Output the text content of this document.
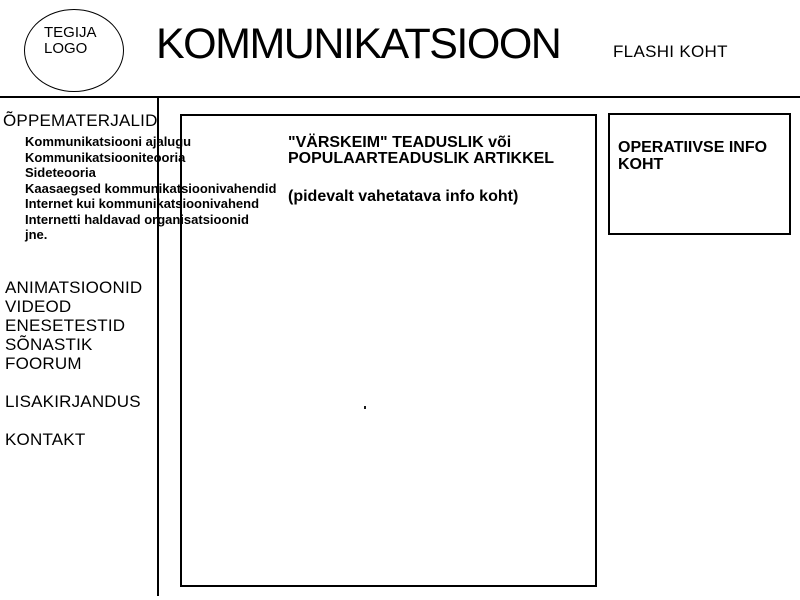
TEGIJA
LOGO KOMMUNIKATSIOON	FLASHI KOHT
ÕPPEMATERJALID
Kommunikatsiooni ajalugu
Kommunikatsiooniteooria
Sideteooria
Kaasaegsed kommunikatsioonivahendid
Internet kui kommunikatsioonivahend
Internetti haldavad organisatsioonid
jne.
ANIMATSIOONID
VIDEOD
ENESETESTID
SÕNASTIK
FOORUM
LISAKIRJANDUS
KONTAKT
"VÄRSKEIM" TEADUSLIK või
POPULAARTEADUSLIK ARTIKKEL
(pidevalt vahetatava info koht)
OPERATIIVSE INFO KOHT
